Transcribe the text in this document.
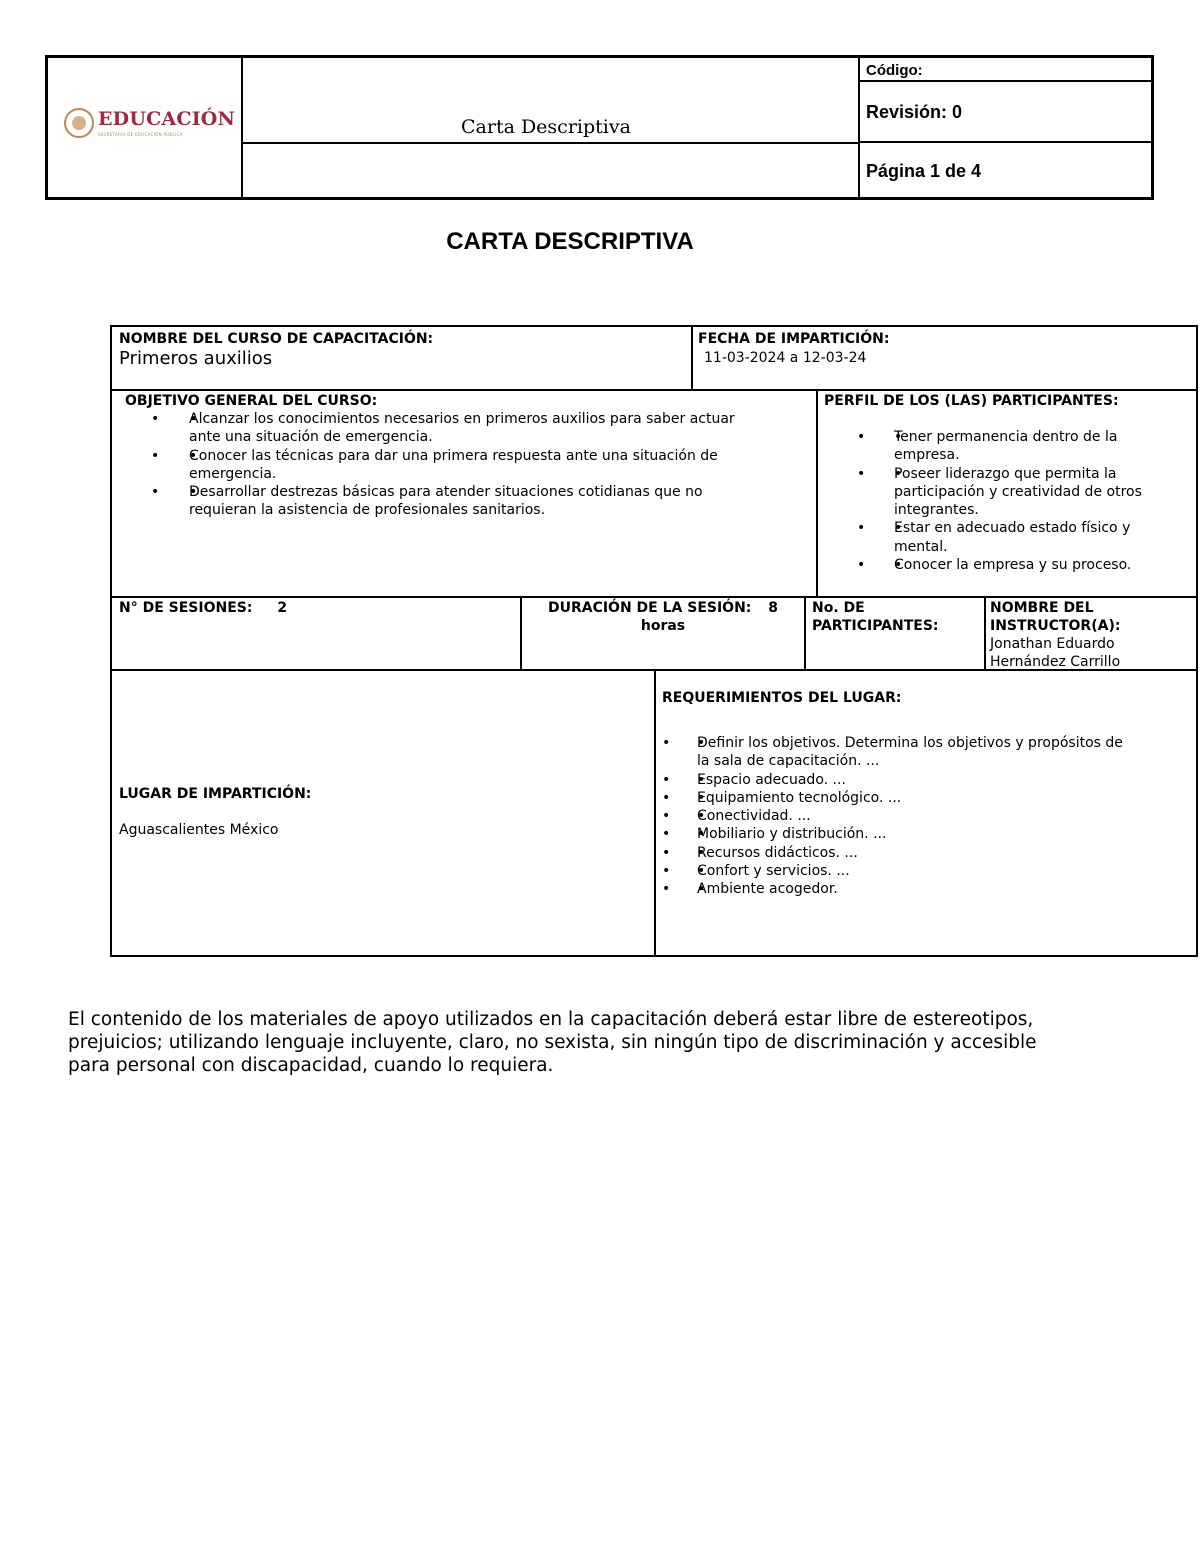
EDUCACIÓN
SECRETARÍA DE EDUCACIÓN PÚBLICA	Carta Descriptiva
Código:
Revisión: 0
Página 1 de 4
CARTA DESCRIPTIVA
NOMBRE DEL CURSO DE CAPACITACIÓN:
Primeros auxilios
FECHA DE IMPARTICIÓN:
11-03-2024 a 12-03-24
OBJETIVO GENERAL DEL CURSO:
• • Alcanzar los conocimientos necesarios en primeros auxilios para saber actuar
ante una situación de emergencia.
• • Conocer las técnicas para dar una primera respuesta ante una situación de
emergencia.
• • Desarrollar destrezas básicas para atender situaciones cotidianas que no
requieran la asistencia de profesionales sanitarios.
PERFIL DE LOS (LAS) PARTICIPANTES:
• • Tener permanencia dentro de la
empresa.
• • Poseer liderazgo que permita la
participación y creatividad de otros
integrantes.
• • Estar en adecuado estado físico y
mental.
• • Conocer la empresa y su proceso.
N° DE SESIONES: 2	DURACIÓN DE LA SESIÓN: 8
horas
No. DE
PARTICIPANTES:
NOMBRE DEL
INSTRUCTOR(A):
Jonathan Eduardo
Hernández Carrillo
LUGAR DE IMPARTICIÓN:
Aguascalientes México
REQUERIMIENTOS DEL LUGAR:
• • Definir los objetivos. Determina los objetivos y propósitos de
la sala de capacitación. ...
• • Espacio adecuado. ...
• • Equipamiento tecnológico. ...
• • Conectividad. ...
• • Mobiliario y distribución. ...
• • Recursos didácticos. ...
• • Confort y servicios. ...
• • Ambiente acogedor.
El contenido de los materiales de apoyo utilizados en la capacitación deberá estar libre de estereotipos,
prejuicios; utilizando lenguaje incluyente, claro, no sexista, sin ningún tipo de discriminación y accesible
para personal con discapacidad, cuando lo requiera.
